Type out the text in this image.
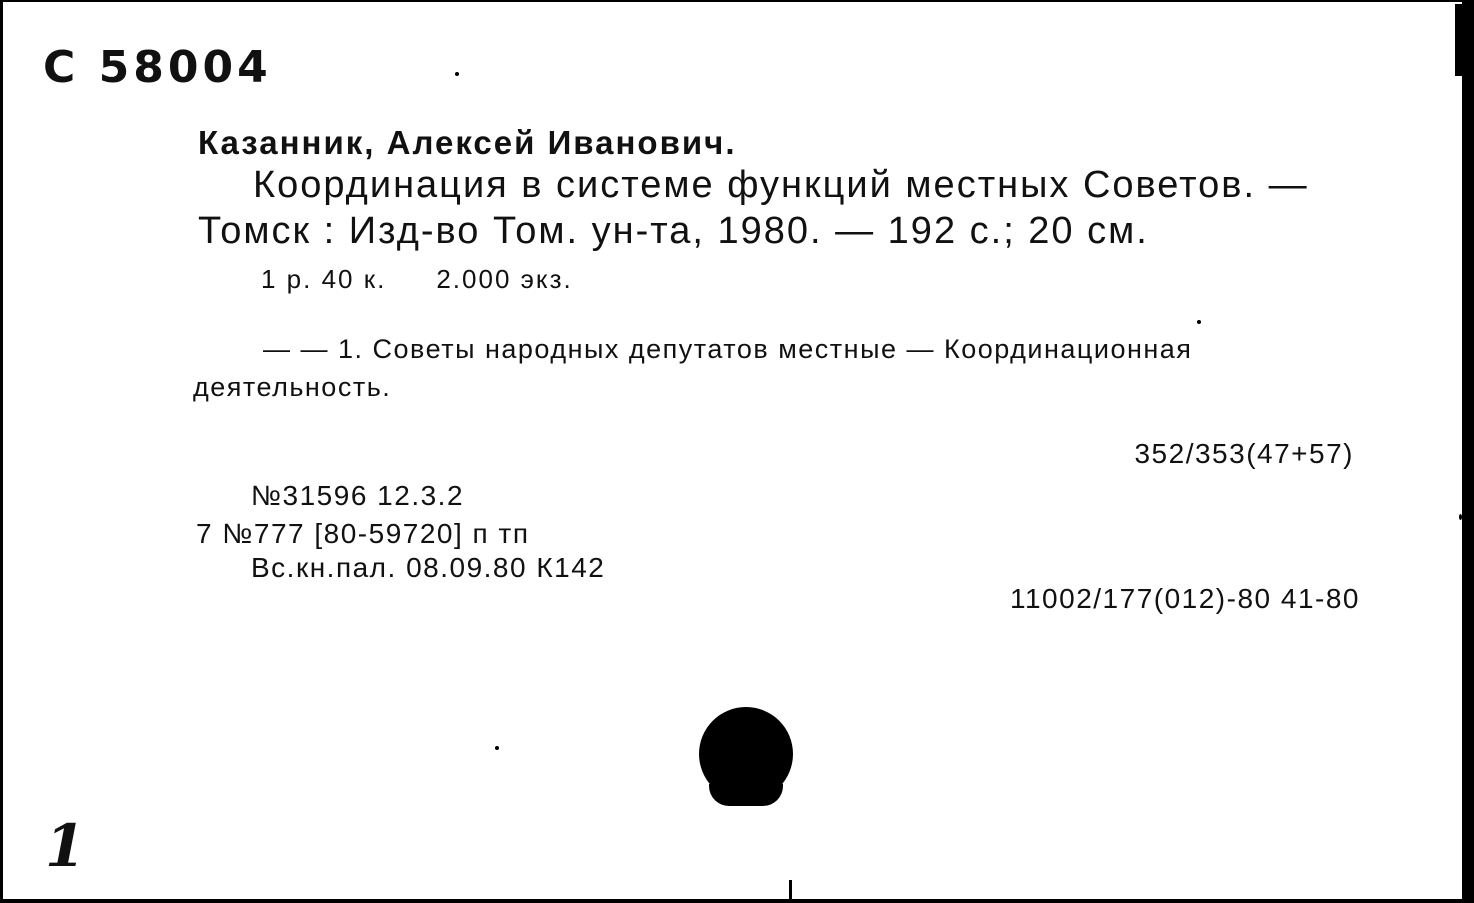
C 58004
Казанник, Алексей Иванович.
Координация в системе функций местных Советов. —
Томск : Изд-во Том. ун-та, 1980. — 192 с.; 20 см.
1 р. 40 к. 2.000 экз.
— — 1. Советы народных депутатов местные — Координационная
деятельность.
352/353(47+57)
№31596 12.3.2
7 №777 [80-59720] п тп
Вс.кн.пал. 08.09.80 К142
11002/177(012)-80 41-80
1
